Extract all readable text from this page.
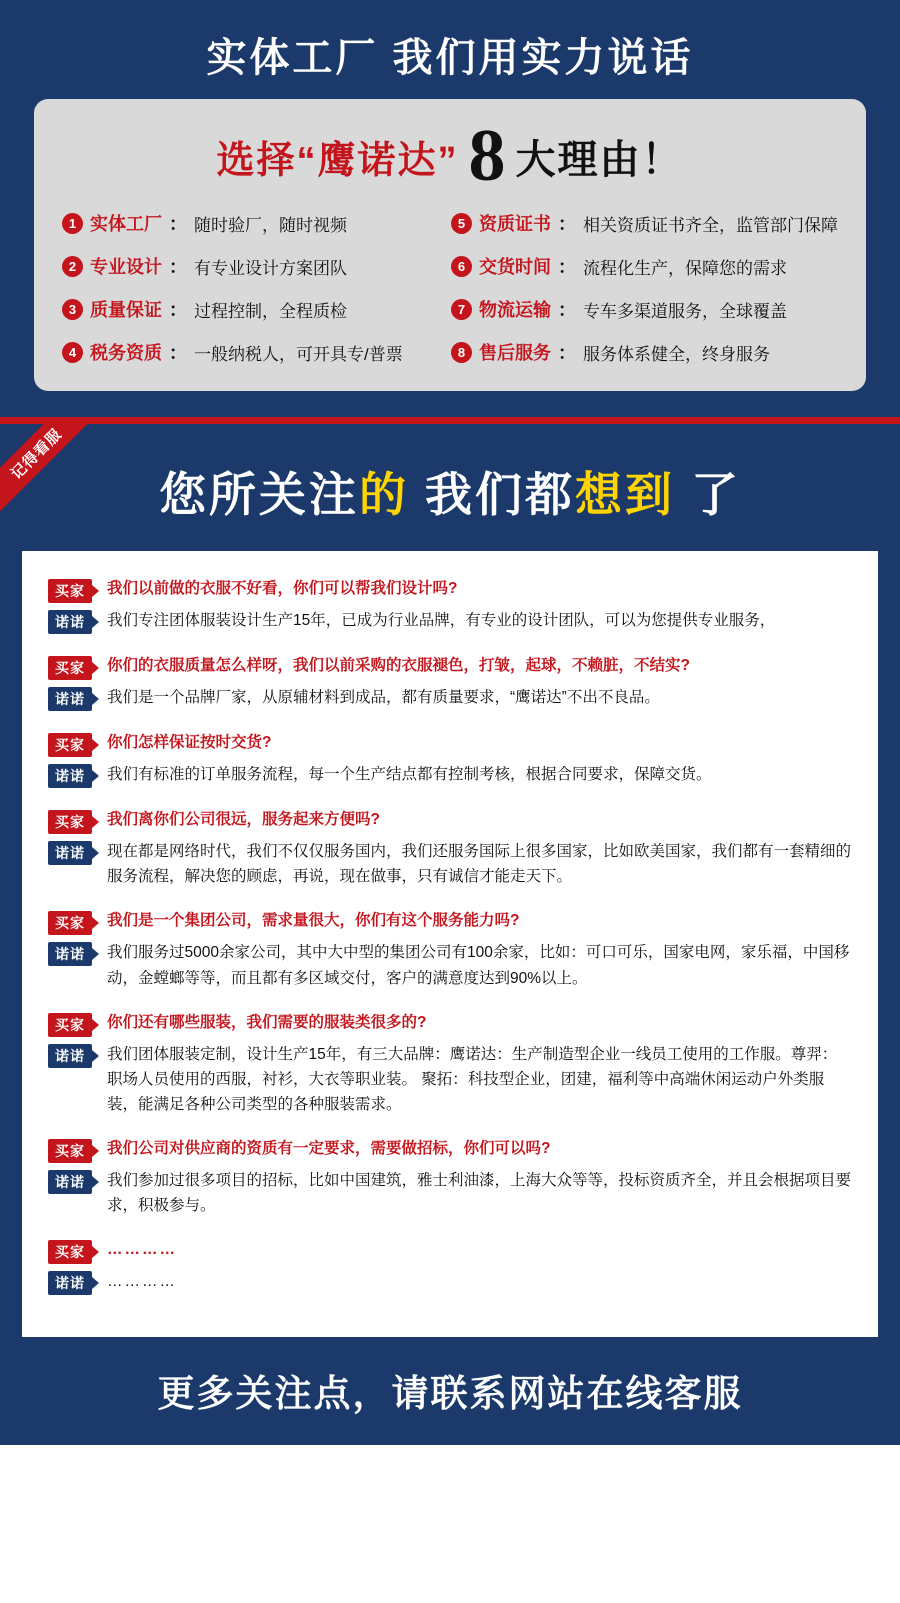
实体工厂 我们用实力说话
选择“鹰诺达” 8 大理由！
1 实体工厂 ： 随时验厂，随时视频	5 资质证书 ： 相关资质证书齐全，监管部门保障
2 专业设计 ： 有专业设计方案团队	6 交货时间 ： 流程化生产，保障您的需求
3 质量保证 ： 过程控制，全程质检	7 物流运输 ： 专车多渠道服务，全球覆盖
4 税务资质 ： 一般纳税人，可开具专/普票	8 售后服务 ： 服务体系健全，终身服务
记得看服
您所关注的 我们都想到 了
买家	我们以前做的衣服不好看，你们可以帮我们设计吗?
诺诺	我们专注团体服装设计生产15年，已成为行业品牌，有专业的设计团队，可以为您提供专业服务，
买家	你们的衣服质量怎么样呀，我们以前采购的衣服褪色，打皱，起球，不赖脏，不结实?
诺诺	我们是一个品牌厂家，从原辅材料到成品，都有质量要求，“鹰诺达”不出不良品。
买家	你们怎样保证按时交货?
诺诺	我们有标准的订单服务流程，每一个生产结点都有控制考核，根据合同要求，保障交货。
买家	我们离你们公司很远，服务起来方便吗?
诺诺	现在都是网络时代，我们不仅仅服务国内，我们还服务国际上很多国家，比如欧美国家，我们都有一套精细的服务流程，解决您的顾虑，再说，现在做事，只有诚信才能走天下。
买家	我们是一个集团公司，需求量很大，你们有这个服务能力吗?
诺诺	我们服务过5000余家公司，其中大中型的集团公司有100余家，比如：可口可乐，国家电网，家乐福，中国移动，金螳螂等等，而且都有多区域交付，客户的满意度达到90%以上。
买家	你们还有哪些服装，我们需要的服装类很多的?
诺诺	我们团体服装定制，设计生产15年，有三大品牌：鹰诺达：生产制造型企业一线员工使用的工作服。尊羿：职场人员使用的西服，衬衫，大衣等职业装。 聚拓：科技型企业，团建，福利等中高端休闲运动户外类服装，能满足各种公司类型的各种服装需求。
买家	我们公司对供应商的资质有一定要求，需要做招标，你们可以吗?
诺诺	我们参加过很多项目的招标，比如中国建筑，雅士利油漆，上海大众等等，投标资质齐全，并且会根据项目要求，积极参与。
买家	…………
诺诺	…………
更多关注点，请联系网站在线客服
